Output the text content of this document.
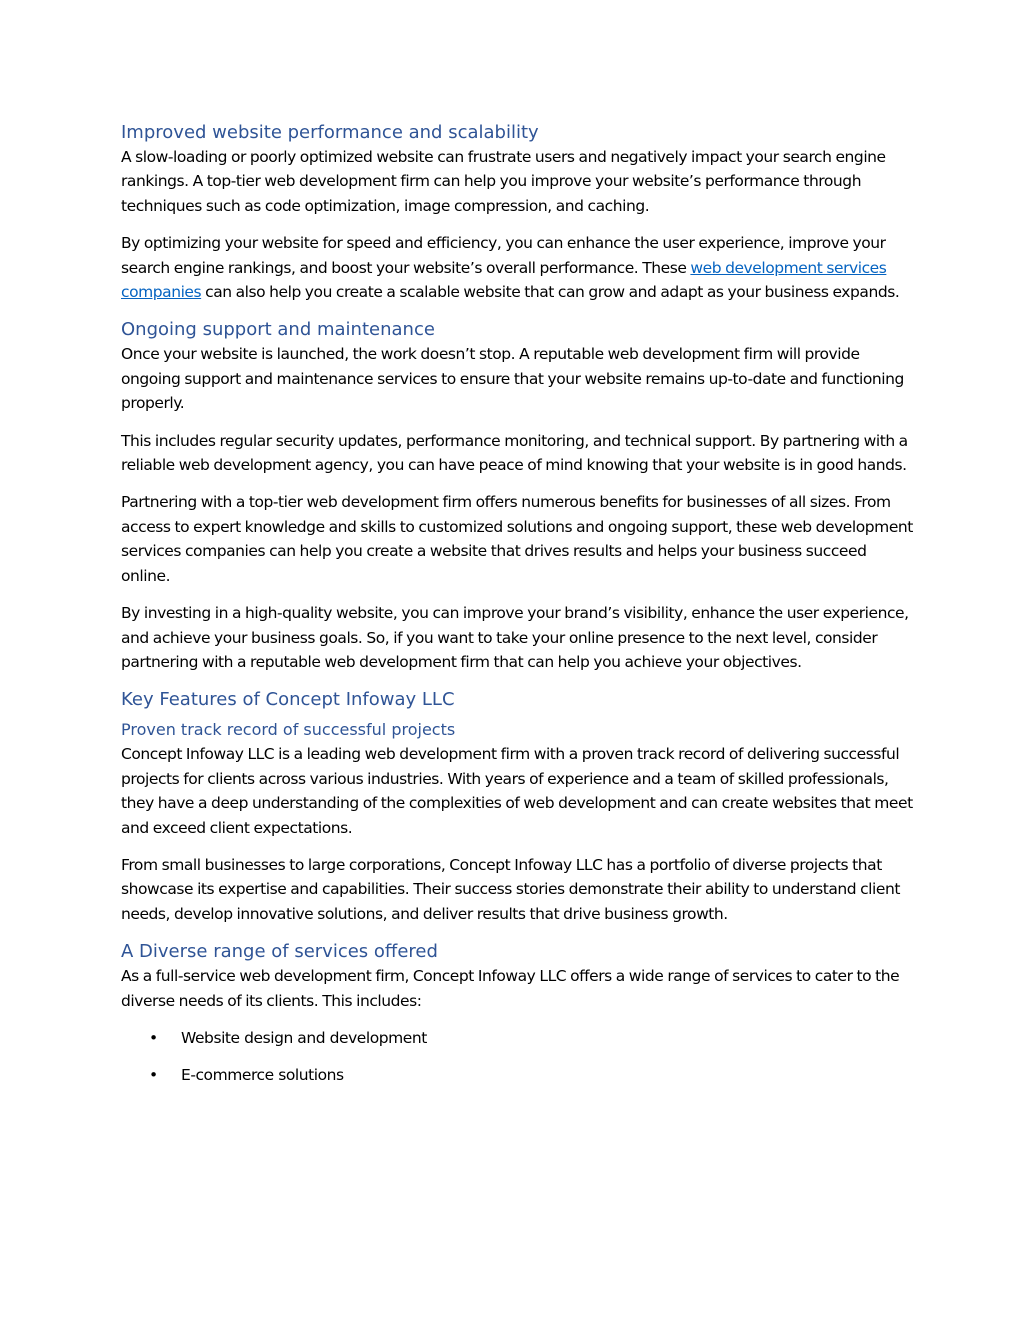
Improved website performance and scalability

A slow-loading or poorly optimized website can frustrate users and negatively impact your search engine rankings. A top-tier web development firm can help you improve your website’s performance through techniques such as code optimization, image compression, and caching.

By optimizing your website for speed and efficiency, you can enhance the user experience, improve your search engine rankings, and boost your website’s overall performance. These web development services companies can also help you create a scalable website that can grow and adapt as your business expands.

Ongoing support and maintenance

Once your website is launched, the work doesn’t stop. A reputable web development firm will provide ongoing support and maintenance services to ensure that your website remains up-to-date and functioning properly.

This includes regular security updates, performance monitoring, and technical support. By partnering with a reliable web development agency, you can have peace of mind knowing that your website is in good hands.

Partnering with a top-tier web development firm offers numerous benefits for businesses of all sizes. From access to expert knowledge and skills to customized solutions and ongoing support, these web development services companies can help you create a website that drives results and helps your business succeed online.

By investing in a high-quality website, you can improve your brand’s visibility, enhance the user experience, and achieve your business goals. So, if you want to take your online presence to the next level, consider partnering with a reputable web development firm that can help you achieve your objectives.

Key Features of Concept Infoway LLC
Proven track record of successful projects

Concept Infoway LLC is a leading web development firm with a proven track record of delivering successful projects for clients across various industries. With years of experience and a team of skilled professionals, they have a deep understanding of the complexities of web development and can create websites that meet and exceed client expectations.

From small businesses to large corporations, Concept Infoway LLC has a portfolio of diverse projects that showcase its expertise and capabilities. Their success stories demonstrate their ability to understand client needs, develop innovative solutions, and deliver results that drive business growth.

A Diverse range of services offered

As a full-service web development firm, Concept Infoway LLC offers a wide range of services to cater to the diverse needs of its clients. This includes:

• Website design and development
• E-commerce solutions
